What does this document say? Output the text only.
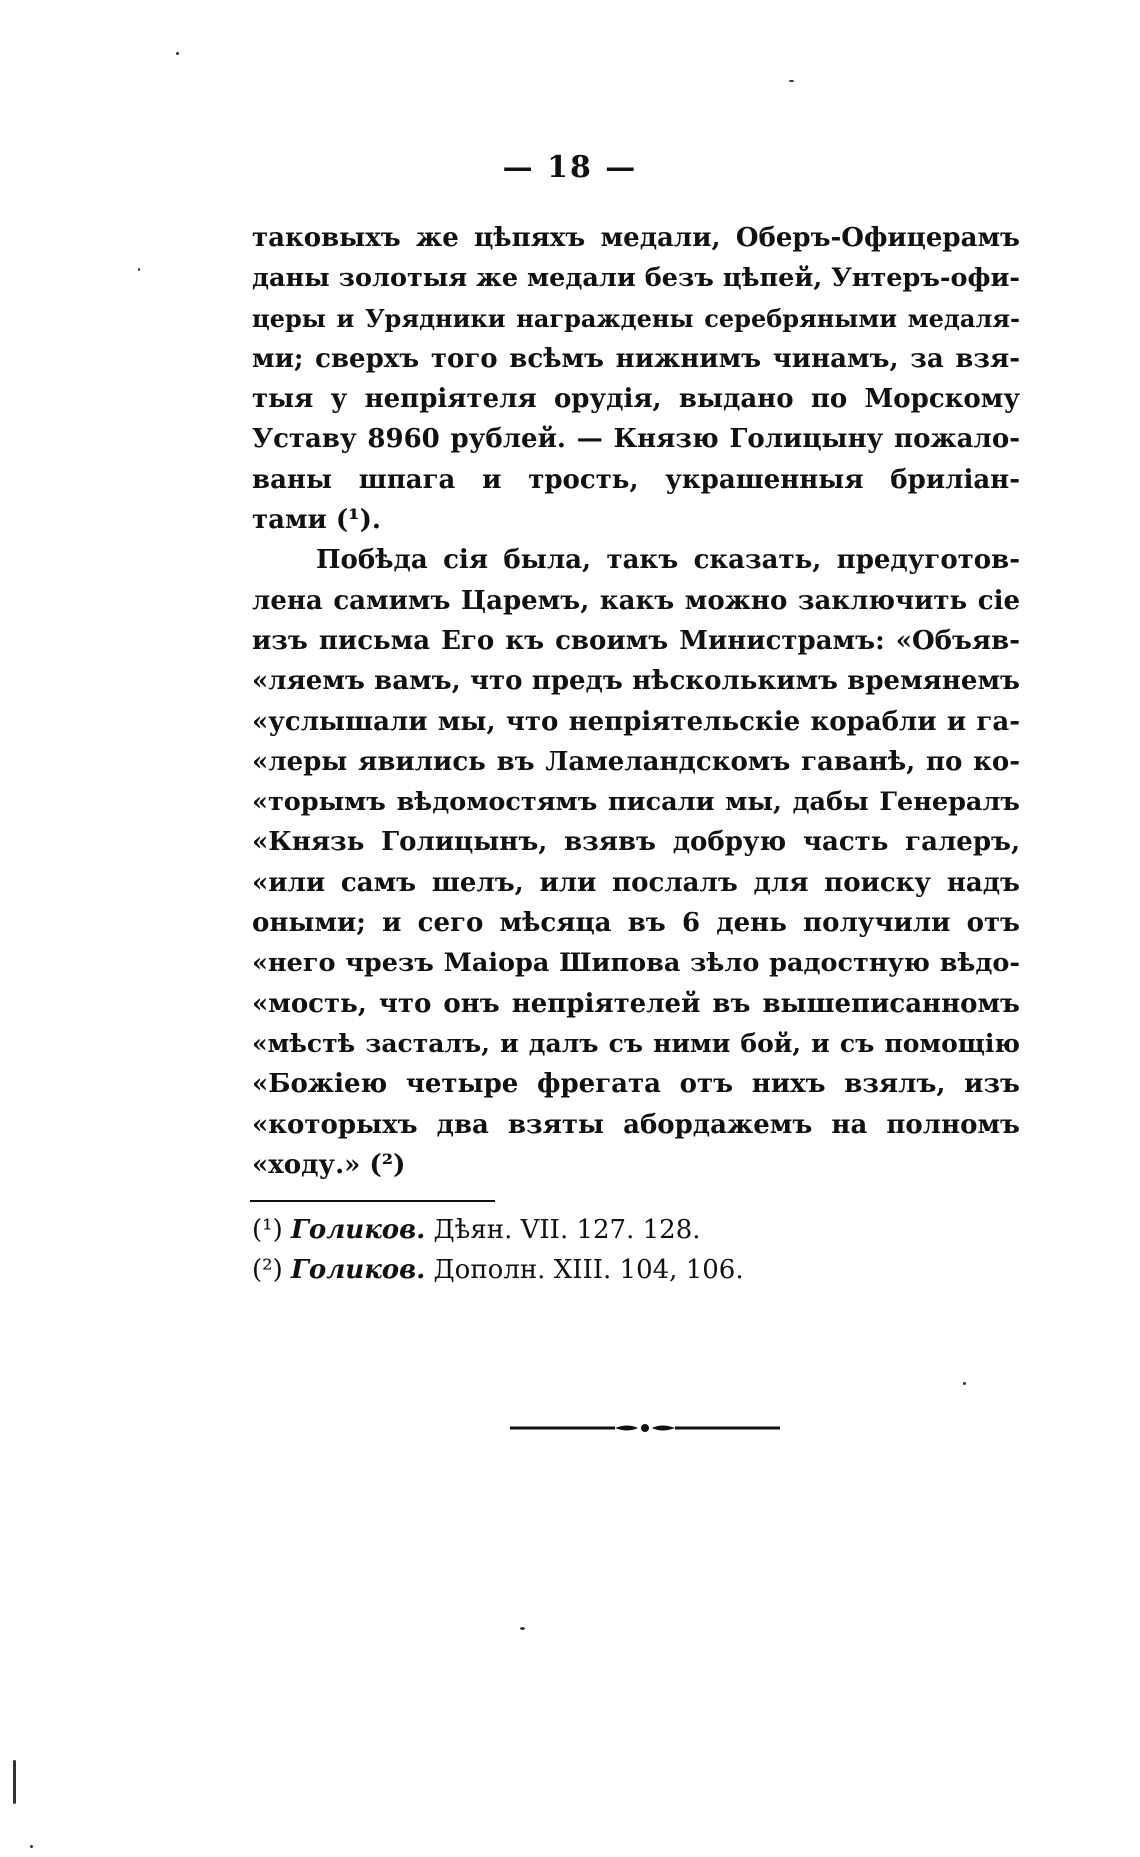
— 18 —
таковыхъ же цѣпяхъ медали, Оберъ-Офицерамъ
даны золотыя же медали безъ цѣпей, Унтеръ-офи-
церы и Урядники награждены серебряными медаля-
ми; сверхъ того всѣмъ нижнимъ чинамъ, за взя-
тыя у непріятеля орудія, выдано по Морскому
Уставу 8960 рублей. — Князю Голицыну пожало-
ваны шпага и трость, украшенныя бриліан-
тами (¹).
Побѣда сія была, такъ сказать, предуготов-
лена самимъ Царемъ, какъ можно заключить сіе
изъ письма Его къ своимъ Министрамъ: «Объяв-
«ляемъ вамъ, что предъ нѣсколькимъ времянемъ
«услышали мы, что непріятельскіе корабли и га-
«леры явились въ Ламеландскомъ гаванѣ, по ко-
«торымъ вѣдомостямъ писали мы, дабы Генералъ
«Князь Голицынъ, взявъ добрую часть галеръ,
«или самъ шелъ, или послалъ для поиску надъ
оными; и сего мѣсяца въ 6 день получили отъ
«него чрезъ Маіора Шипова зѣло радостную вѣдо-
«мость, что онъ непріятелей въ вышеписанномъ
«мѣстѣ засталъ, и далъ съ ними бой, и съ помощію
«Божіею четыре фрегата отъ нихъ взялъ, изъ
«которыхъ два взяты абордажемъ на полномъ
«ходу.» (²)
(¹) Голиков. Дѣян. VII. 127. 128.
(²) Голиков. Дополн. XIII. 104, 106.
